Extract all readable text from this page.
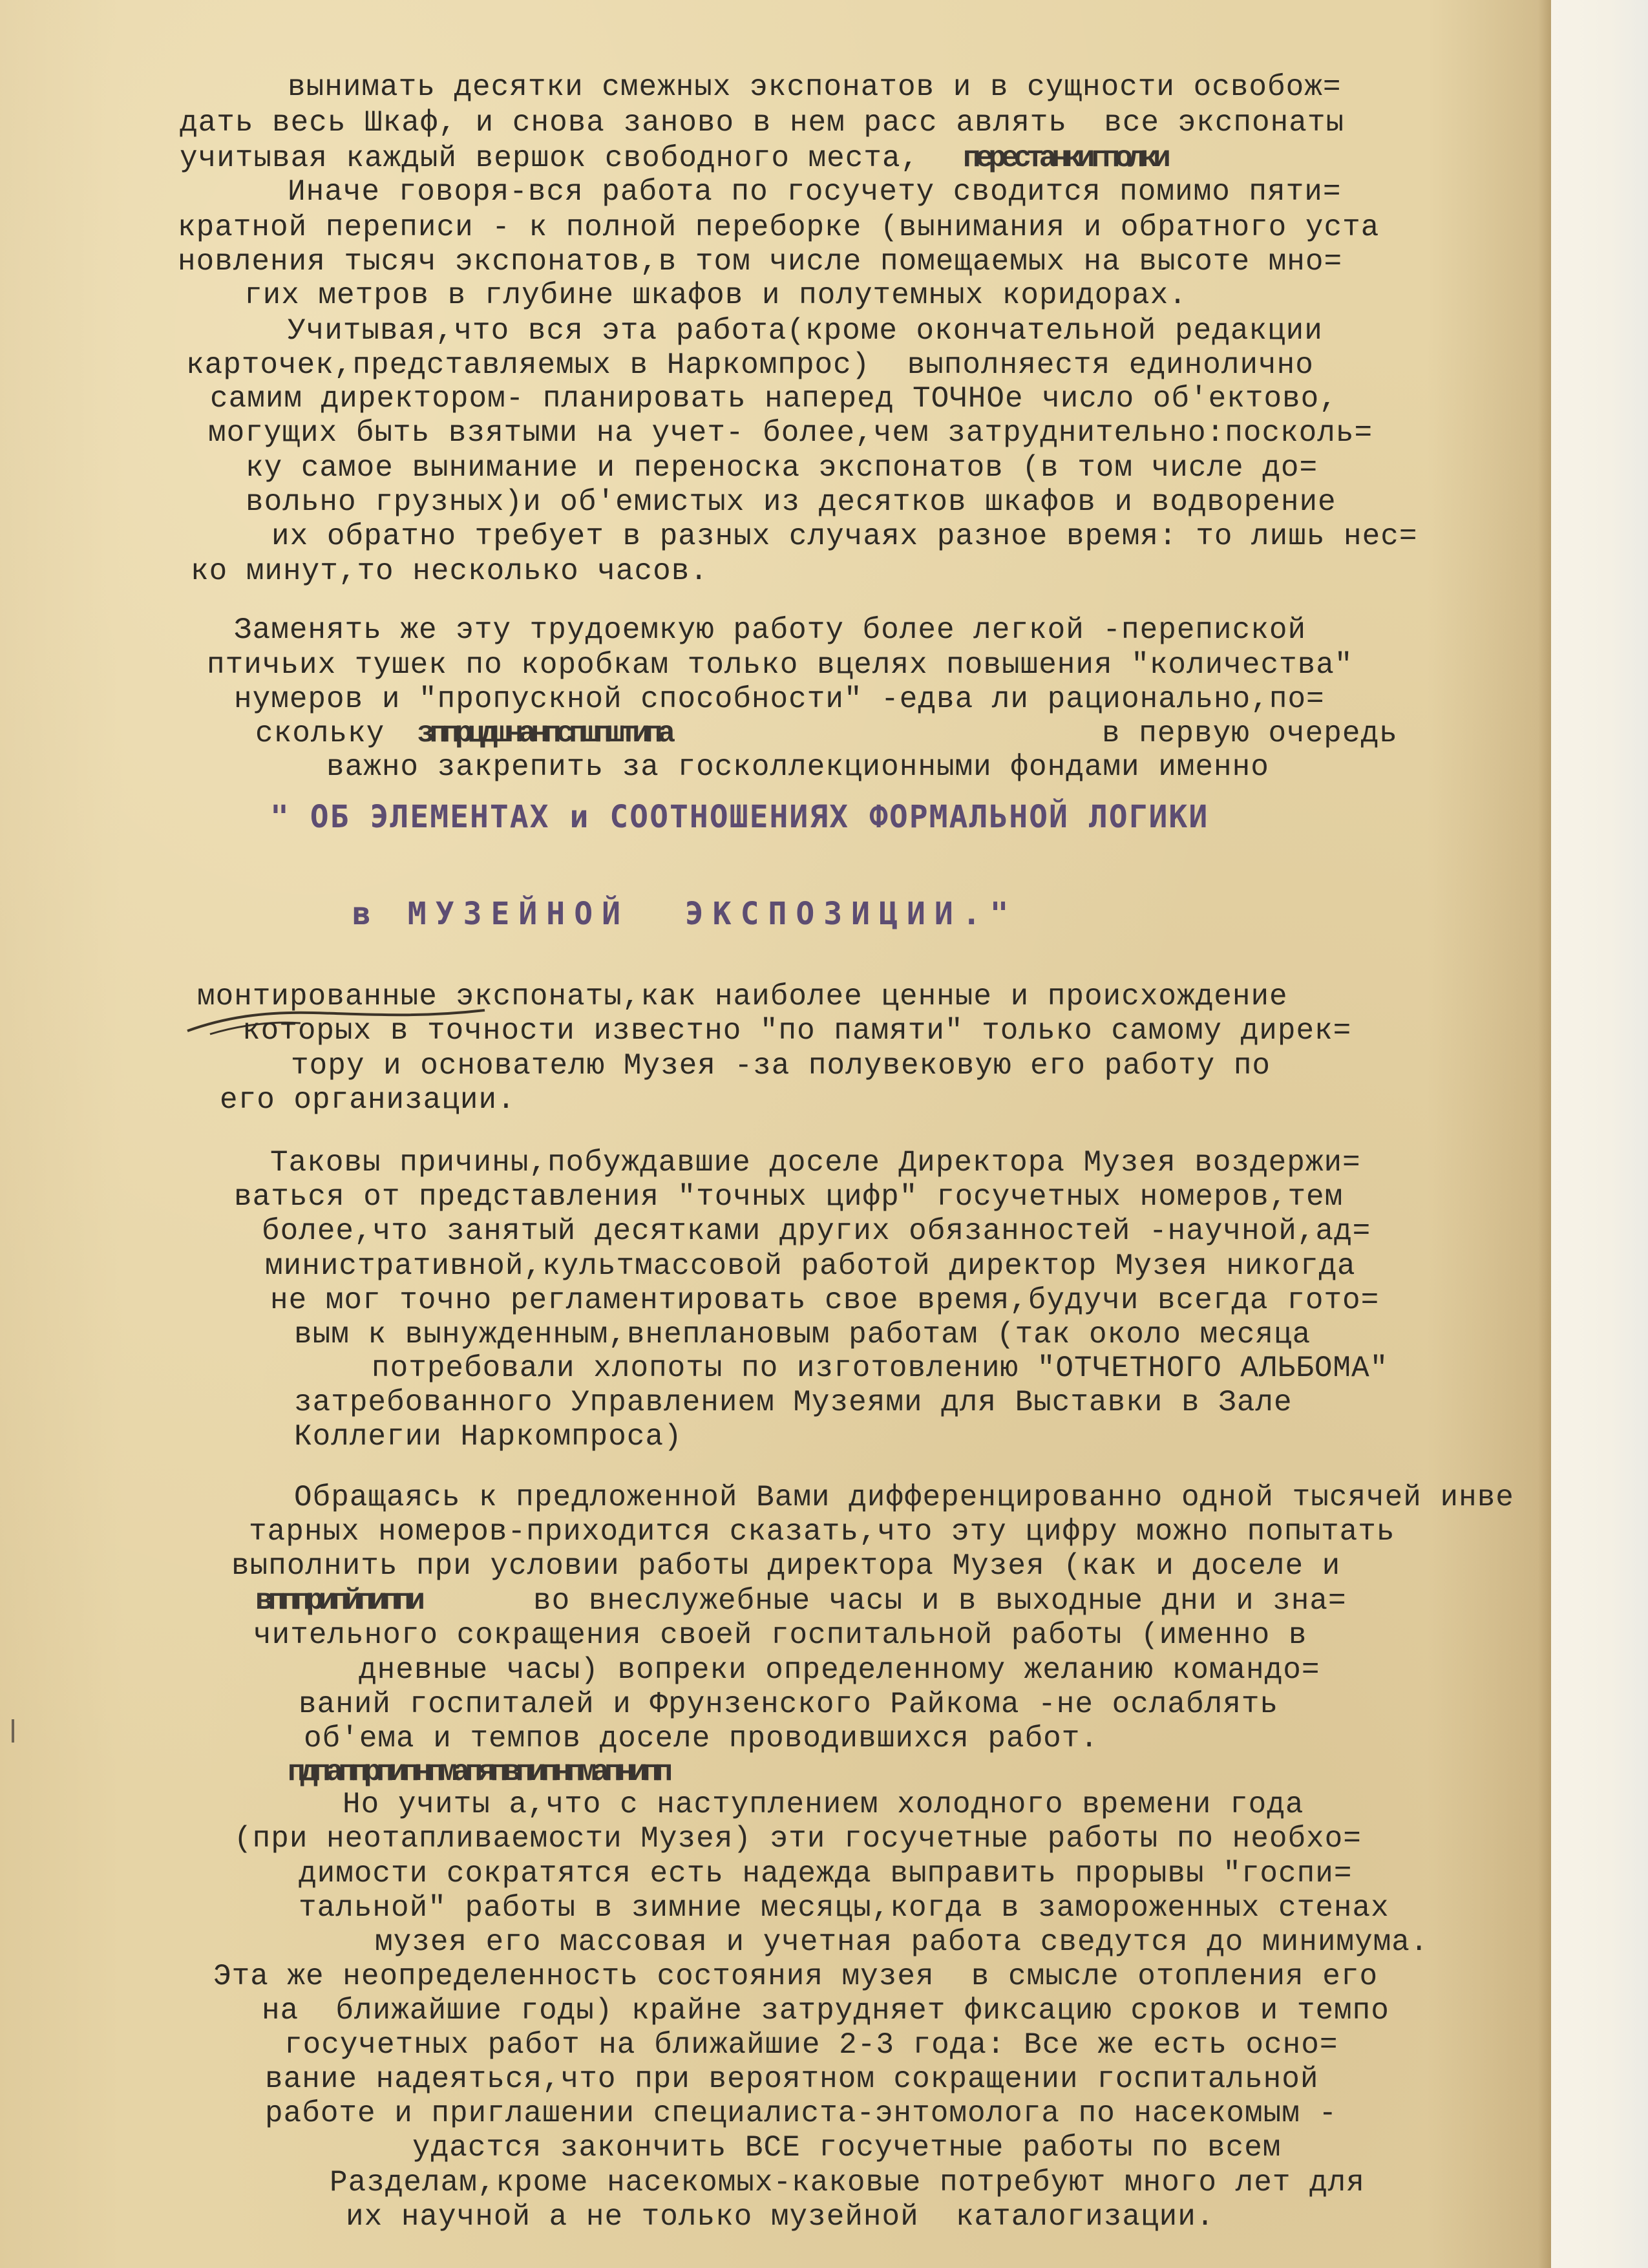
вынимать десятки смежных экспонатов и в сущности освобож=
дать весь Шкаф, и снова заново в нем расс авлять  все экспонаты
учитывая каждый вершок свободного места, перестанкигполки
Иначе говоря-вся работа по госучету сводится помимо пяти=
кратной переписи - к полной переборке (вынимания и обратного уста
новления тысяч экспонатов,в том числе помещаемых на высоте мно=
гих метров в глубине шкафов и полутемных коридорах.
Учитывая,что вся эта работа(кроме окончательной редакции
карточек,представляемых в Наркомпрос)  выполняестя единолично
самим директором- планировать наперед ТОЧНОе число об'ектово,
могущих быть взятыми на учет- более,чем затруднительно:посколь=
ку самое вынимание и переноска экспонатов (в том числе до=
вольно грузных)и об'емистых из десятков шкафов и водворение
их обратно требует в разных случаях разное время: то лишь нес=
ко минут,то несколько часов.
Заменять же эту трудоемкую работу более легкой -перепиской
птичьих тушек по коробкам только вцелях повышения "количества"
нумеров и "пропускной способности" -едва ли рационально,по=
скольку зппрцдшнанпспшпштипа	в первую очередь
важно закрепить за госколлекционными фондами именно
" ОБ ЭЛЕМЕНТАХ и СООТНОШЕНИЯХ ФОРМАЛЬНОЙ ЛОГИКИ
в МУЗЕЙНОЙ  ЭКСПОЗИЦИИ."
монтированные экспонаты,как наиболее ценные и происхождение
которых в точности известно "по памяти" только самому дирек=
тору и основателю Музея -за полувековую его работу по
его организации.
Таковы причины,побуждавшие доселе Директора Музея воздержи=
ваться от представления "точных цифр" госучетных номеров,тем
более,что занятый десятками других обязанностей -научной,ад=
министративной,культмассовой работой директор Музея никогда
не мог точно регламентировать свое время,будучи всегда гото=
вым к вынужденным,внеплановым работам (так около месяца
потребовали хлопоты по изготовлению "ОТЧЕТНОГО АЛЬБОМА"
затребованного Управлением Музеями для Выставки в Зале
Коллегии Наркомпроса)
Обращаясь к предложенной Вами дифференцированно одной тысячей инве
тарных номеров-приходится сказать,что эту цифру можно попытать
выполнить при условии работы директора Музея (как и доселе и
вппприпйпиппи	во внеслужебные часы и в выходные дни и зна=
чительного сокращения своей госпитальной работы (именно в
дневные часы) вопреки определенному желанию командо=
ваний госпиталей и Фрунзенского Райкома -не ослаблять
об'ема и темпов доселе проводившихся работ.
пдпаппрпипнпмапяпвпипнпмапнипп
Но учиты а,что с наступлением холодного времени года
(при неотапливаемости Музея) эти госучетные работы по необхо=
димости сократятся есть надежда выправить прорывы "госпи=
тальной" работы в зимние месяцы,когда в замороженных стенах
музея его массовая и учетная работа сведутся до минимума.
Эта же неопределенность состояния музея  в смысле отопления его
на  ближайшие годы) крайне затрудняет фиксацию сроков и темпо
госучетных работ на ближайшие 2-3 года: Все же есть осно=
вание надеяться,что при вероятном сокращении госпитальной
работе и приглашении специалиста-энтомолога по насекомым -
удастся закончить ВСЕ госучетные работы по всем
Разделам,кроме насекомых-каковые потребуют много лет для
их научной а не только музейной  каталогизации.
